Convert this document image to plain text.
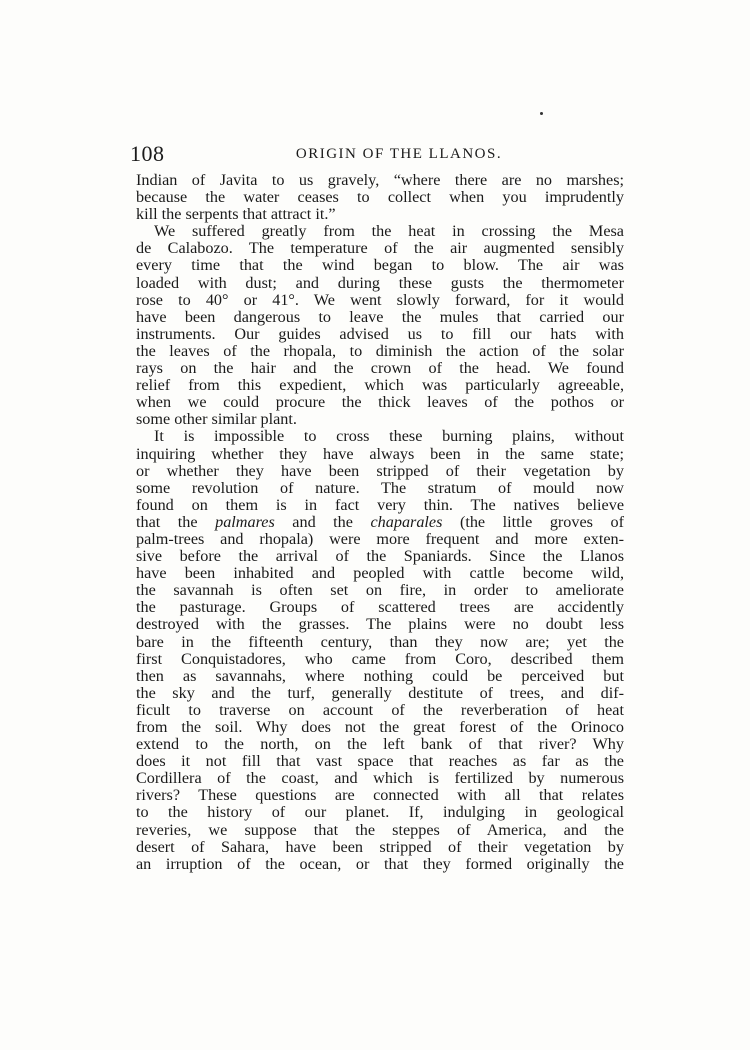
108	ORIGIN OF THE LLANOS.
Indian of Javita to us gravely, “where there are no marshes;
because the water ceases to collect when you imprudently
kill the serpents that attract it.”
We suffered greatly from the heat in crossing the Mesa
de Calabozo. The temperature of the air augmented sensibly
every time that the wind began to blow. The air was
loaded with dust; and during these gusts the thermometer
rose to 40° or 41°. We went slowly forward, for it would
have been dangerous to leave the mules that carried our
instruments. Our guides advised us to fill our hats with
the leaves of the rhopala, to diminish the action of the solar
rays on the hair and the crown of the head. We found
relief from this expedient, which was particularly agreeable,
when we could procure the thick leaves of the pothos or
some other similar plant.
It is impossible to cross these burning plains, without
inquiring whether they have always been in the same state;
or whether they have been stripped of their vegetation by
some revolution of nature. The stratum of mould now
found on them is in fact very thin. The natives believe
that the palmares and the chaparales (the little groves of
palm-trees and rhopala) were more frequent and more exten-
sive before the arrival of the Spaniards. Since the Llanos
have been inhabited and peopled with cattle become wild,
the savannah is often set on fire, in order to ameliorate
the pasturage. Groups of scattered trees are accidently
destroyed with the grasses. The plains were no doubt less
bare in the fifteenth century, than they now are; yet the
first Conquistadores, who came from Coro, described them
then as savannahs, where nothing could be perceived but
the sky and the turf, generally destitute of trees, and dif-
ficult to traverse on account of the reverberation of heat
from the soil. Why does not the great forest of the Orinoco
extend to the north, on the left bank of that river? Why
does it not fill that vast space that reaches as far as the
Cordillera of the coast, and which is fertilized by numerous
rivers? These questions are connected with all that relates
to the history of our planet. If, indulging in geological
reveries, we suppose that the steppes of America, and the
desert of Sahara, have been stripped of their vegetation by
an irruption of the ocean, or that they formed originally the
